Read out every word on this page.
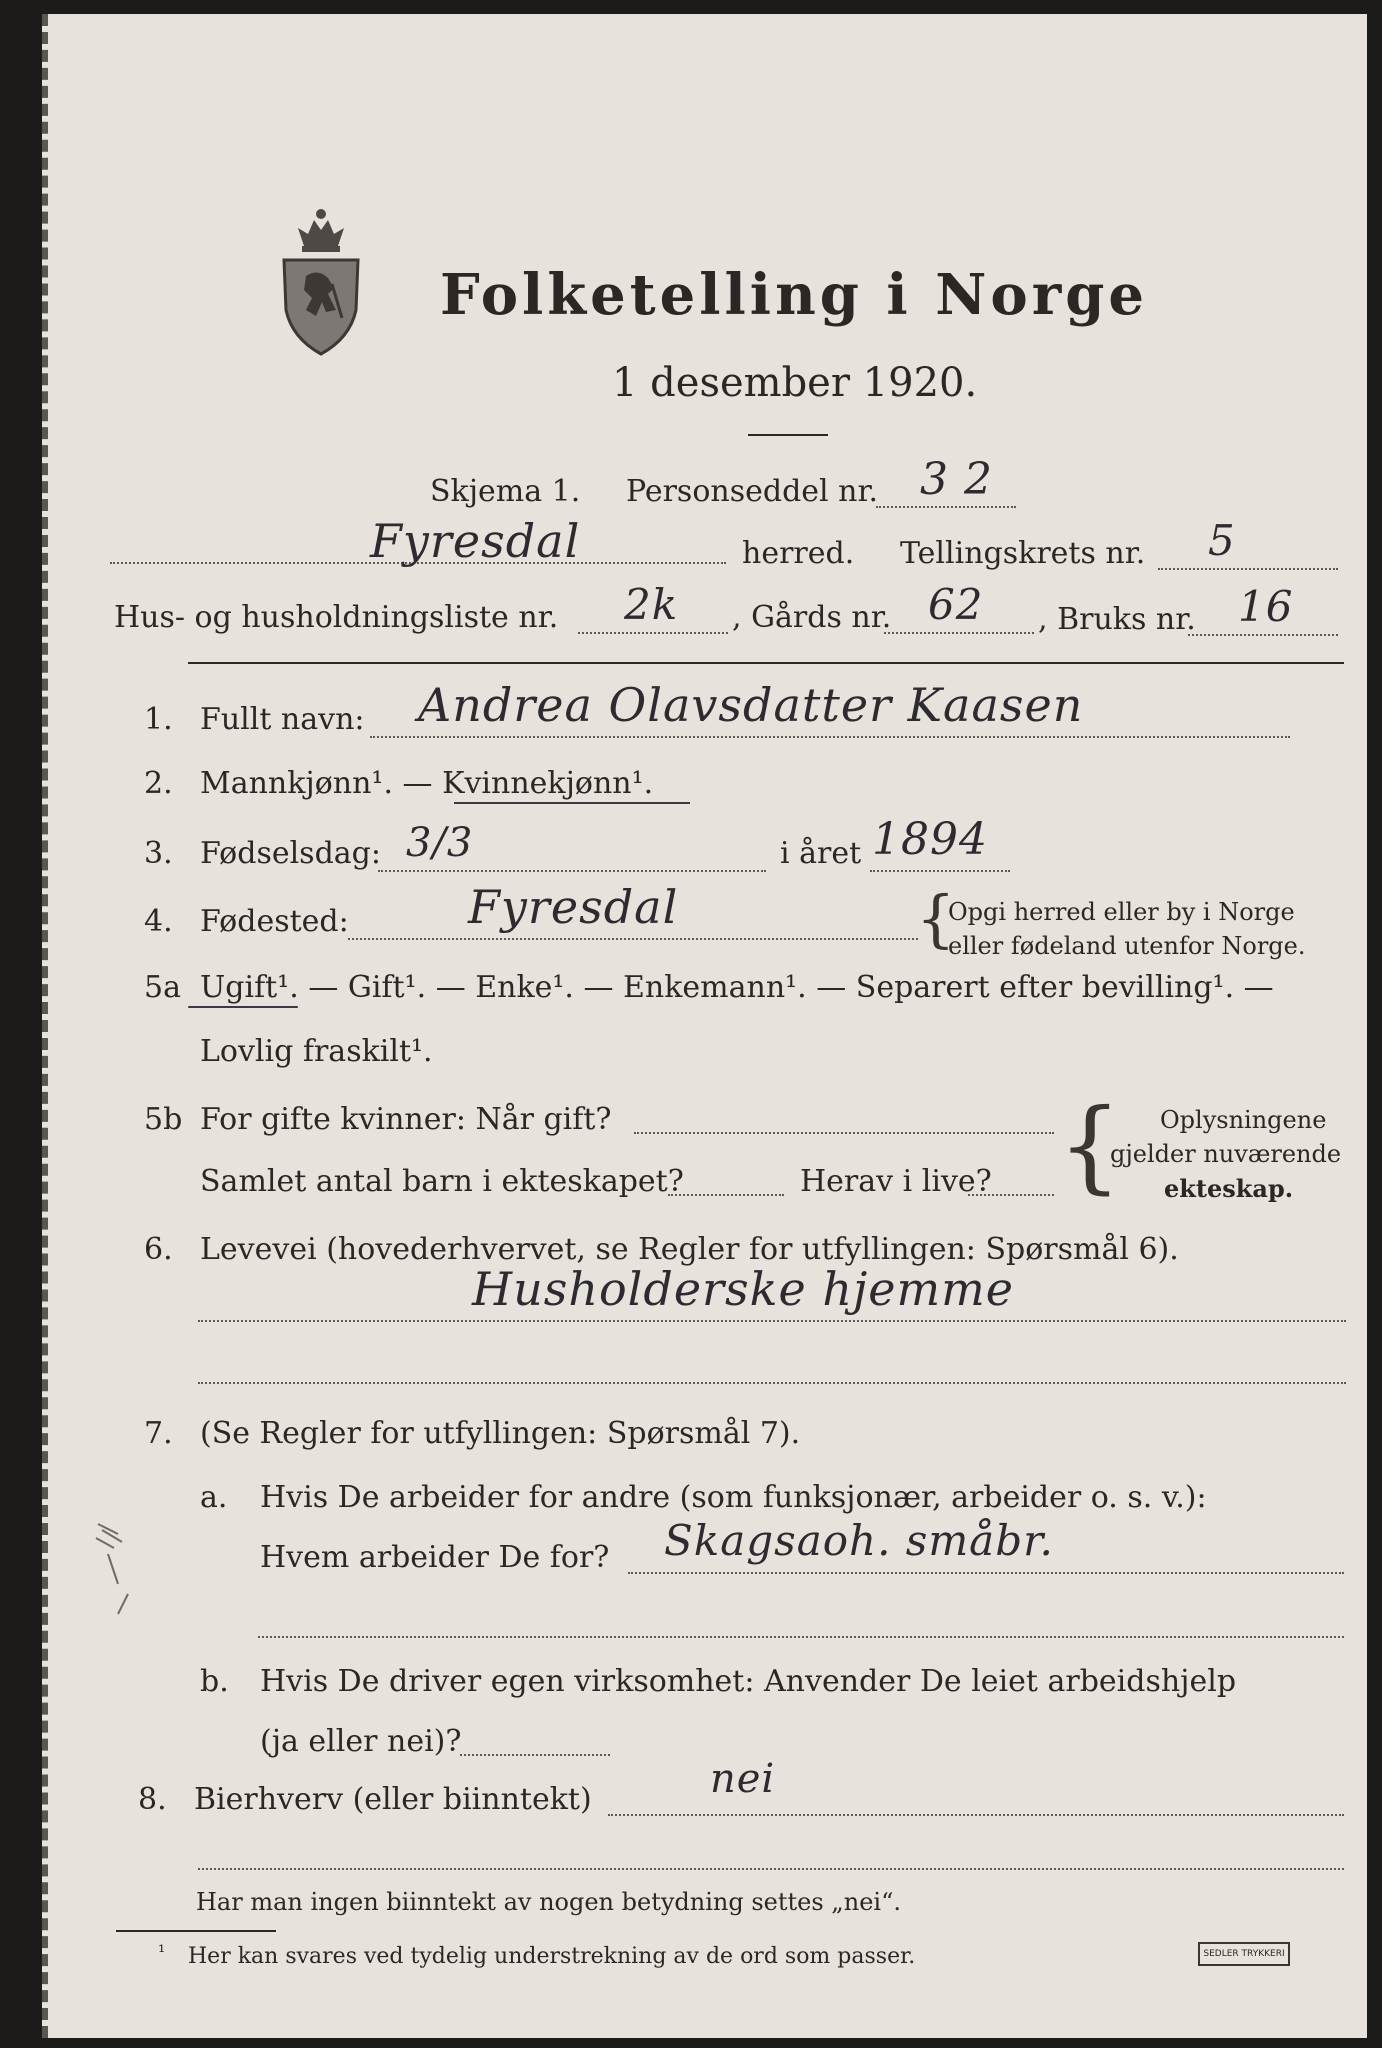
Folketelling i Norge
1 desember 1920.
Skjema 1. Personseddel nr. 3 2
Fyresdal	herred. Tellingskrets nr. 5
Hus- og husholdningsliste nr. 2k , Gårds nr. 62 , Bruks nr. 16
1. Fullt navn: Andrea Olavsdatter Kaasen
2. Mannkjønn¹. — Kvinnekjønn¹.
3. Fødselsdag: 3/3	i året 1894
4. Fødested:	Fyresdal	{
Opgi herred eller by i Norge
eller fødeland utenfor Norge.
5a Ugift¹. — Gift¹. — Enke¹. — Enkemann¹. — Separert efter bevilling¹. —
Lovlig fraskilt¹.
5b For gifte kvinner: Når gift?
Samlet antal barn i ekteskapet?	Herav i live? { Oplysningene
gjelder nuværende
ekteskap.
6. Levevei (hovederhvervet, se Regler for utfyllingen: Spørsmål 6).
Husholderske hjemme
7. (Se Regler for utfyllingen: Spørsmål 7).
a. Hvis De arbeider for andre (som funksjonær, arbeider o. s. v.):
Hvem arbeider De for? Skagsaoh. småbr.
b. Hvis De driver egen virksomhet: Anvender De leiet arbeidshjelp
(ja eller nei)?
8. Bierhverv (eller biinntekt)	nei
Har man ingen biinntekt av nogen betydning settes „nei“.
¹ Her kan svares ved tydelig understrekning av de ord som passer.	SEDLER TRYKKERI
